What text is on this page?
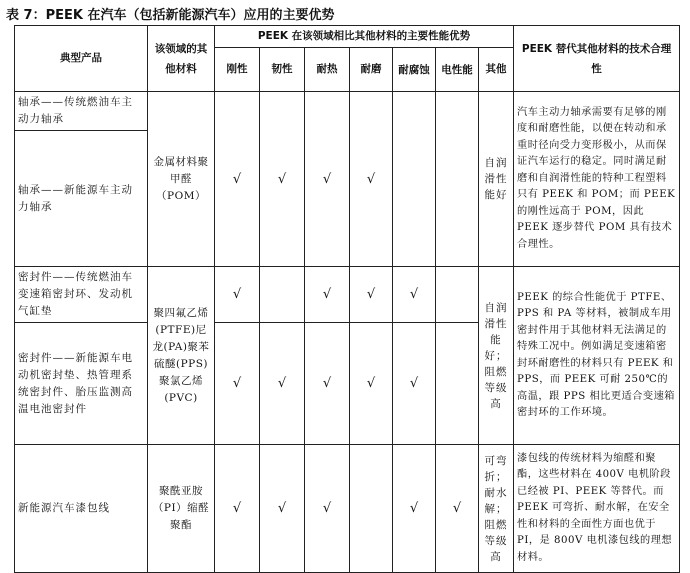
表 7：PEEK 在汽车（包括新能源汽车）应用的主要优势
典型产品	该领域的其他材料	PEEK 在该领域相比其他材料的主要性能优势							PEEK 替代其他材料的技术合理性
		刚性	韧性	耐热	耐磨	耐腐蚀	电性能	其他	
轴承——传统燃油车主动力轴承	金属材料聚甲醛（POM）	√	√	√	√			自润滑性能好	汽车主动力轴承需要有足够的刚度和耐磨性能，以便在转动和承重时径向受力变形极小，从而保证汽车运行的稳定。同时满足耐磨和自润滑性能的特种工程塑料只有 PEEK 和 POM；而 PEEK 的刚性远高于 POM，因此 PEEK 逐步替代 POM 具有技术合理性。
轴承——新能源车主动力轴承									
密封件——传统燃油车变速箱密封环、发动机气缸垫	聚四氟乙烯(PTFE)尼龙(PA)聚苯硫醚(PPS)聚氯乙烯(PVC)	√		√	√	√		自润滑性能好；阻燃等级高	PEEK 的综合性能优于 PTFE、PPS 和 PA 等材料，被制成车用密封件用于其他材料无法满足的特殊工况中。例如满足变速箱密封环耐磨性的材料只有 PEEK 和 PPS，而 PEEK 可耐 250℃的高温，跟 PPS 相比更适合变速箱密封环的工作环境。
密封件——新能源车电动机密封垫、热管理系统密封件、胎压监测高温电池密封件		√	√	√	√	√			
新能源汽车漆包线	聚酰亚胺（PI）缩醛聚酯	√	√	√		√	√	可弯折；耐水解；阻燃等级高	漆包线的传统材料为缩醛和聚酯，这些材料在 400V 电机阶段已经被 PI、PEEK 等替代。而 PEEK 可弯折、耐水解，在安全性和材料的全面性方面也优于 PI，是 800V 电机漆包线的理想材料。
